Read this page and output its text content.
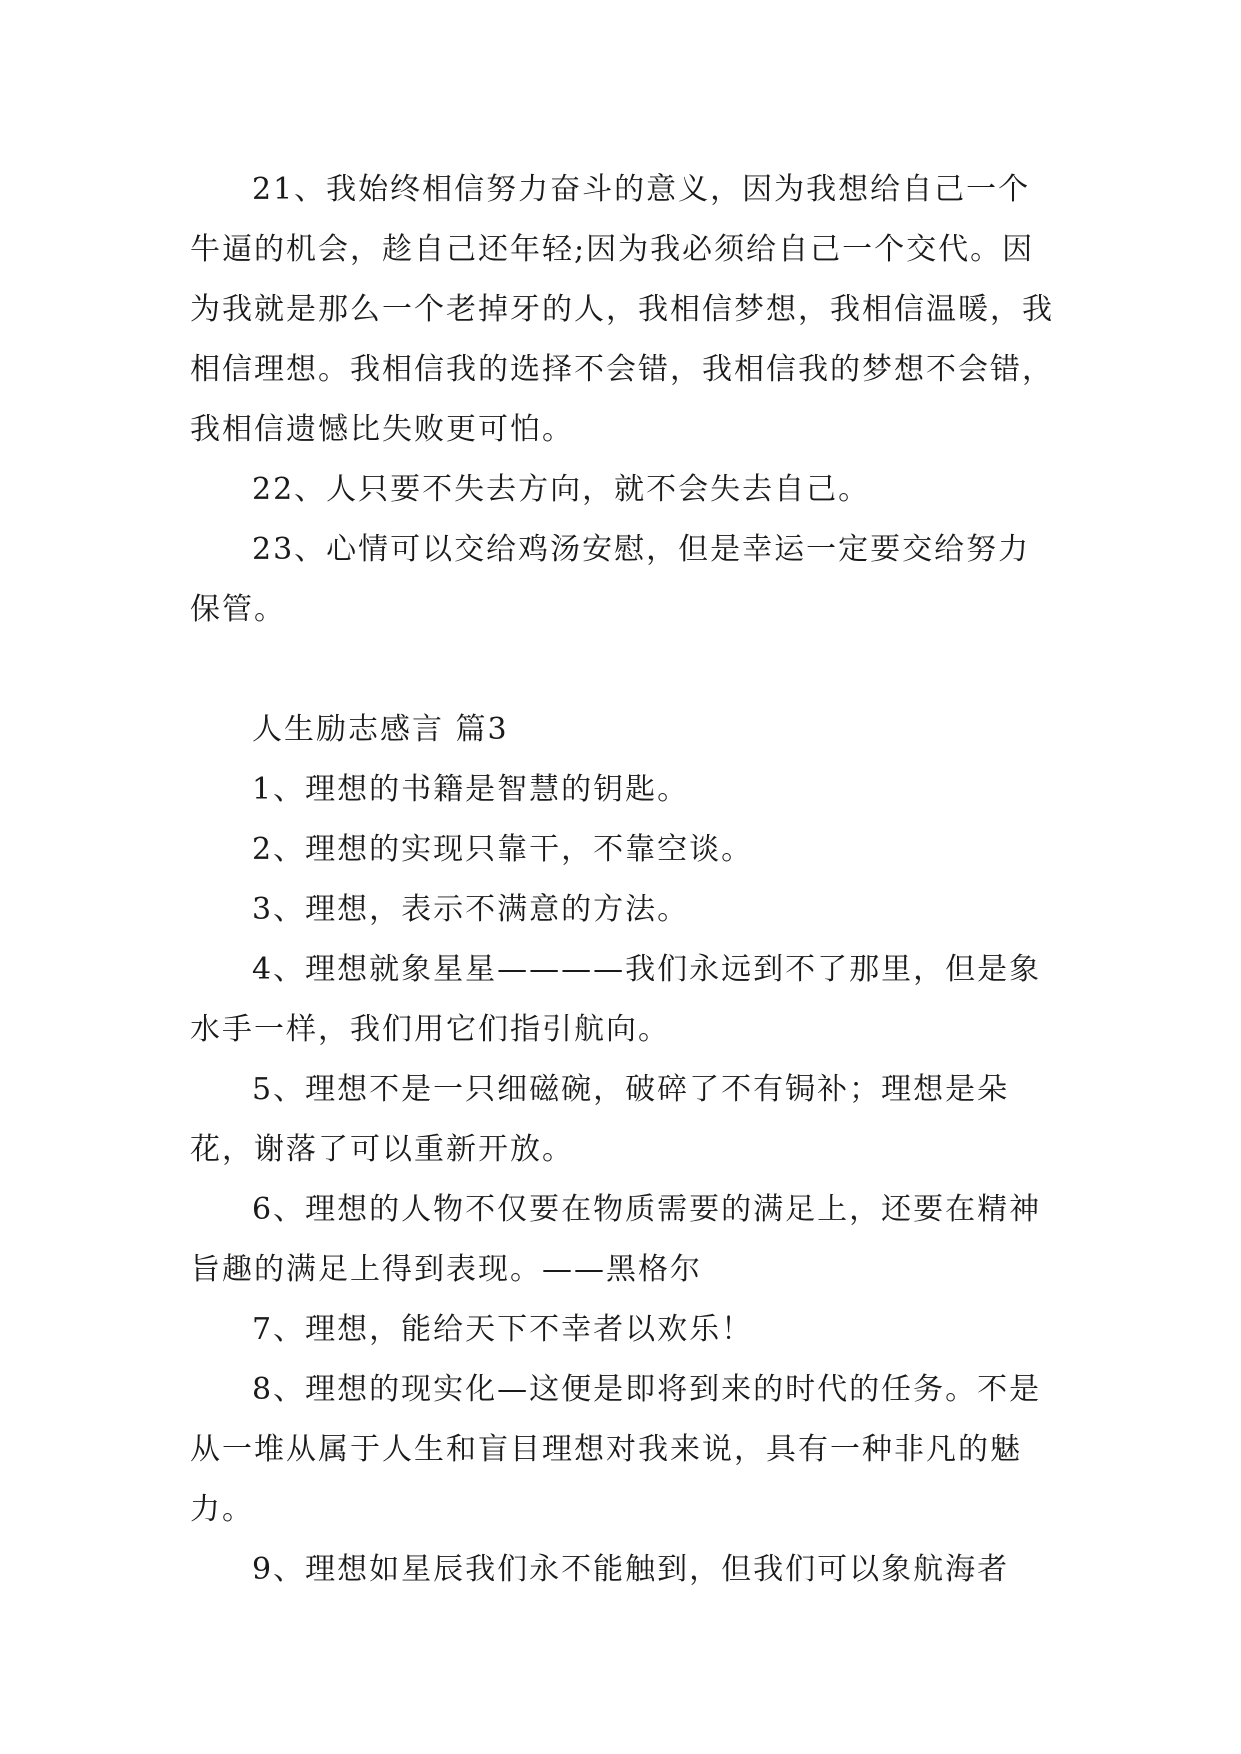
21、我始终相信努力奋斗的意义，因为我想给自己一个牛逼的机会，趁自己还年轻;因为我必须给自己一个交代。因为我就是那么一个老掉牙的人，我相信梦想，我相信温暖，我相信理想。我相信我的选择不会错，我相信我的梦想不会错，我相信遗憾比失败更可怕。

22、人只要不失去方向，就不会失去自己。

23、心情可以交给鸡汤安慰，但是幸运一定要交给努力保管。

人生励志感言 篇3

1、理想的书籍是智慧的钥匙。

2、理想的实现只靠干，不靠空谈。

3、理想，表示不满意的方法。

4、理想就象星星————我们永远到不了那里，但是象水手一样，我们用它们指引航向。

5、理想不是一只细磁碗，破碎了不有锔补；理想是朵花，谢落了可以重新开放。

6、理想的人物不仅要在物质需要的满足上，还要在精神旨趣的满足上得到表现。——黑格尔

7、理想，能给天下不幸者以欢乐！

8、理想的现实化—这便是即将到来的时代的任务。不是从一堆从属于人生和盲目理想对我来说，具有一种非凡的魅力。

9、理想如星辰我们永不能触到，但我们可以象航海者
